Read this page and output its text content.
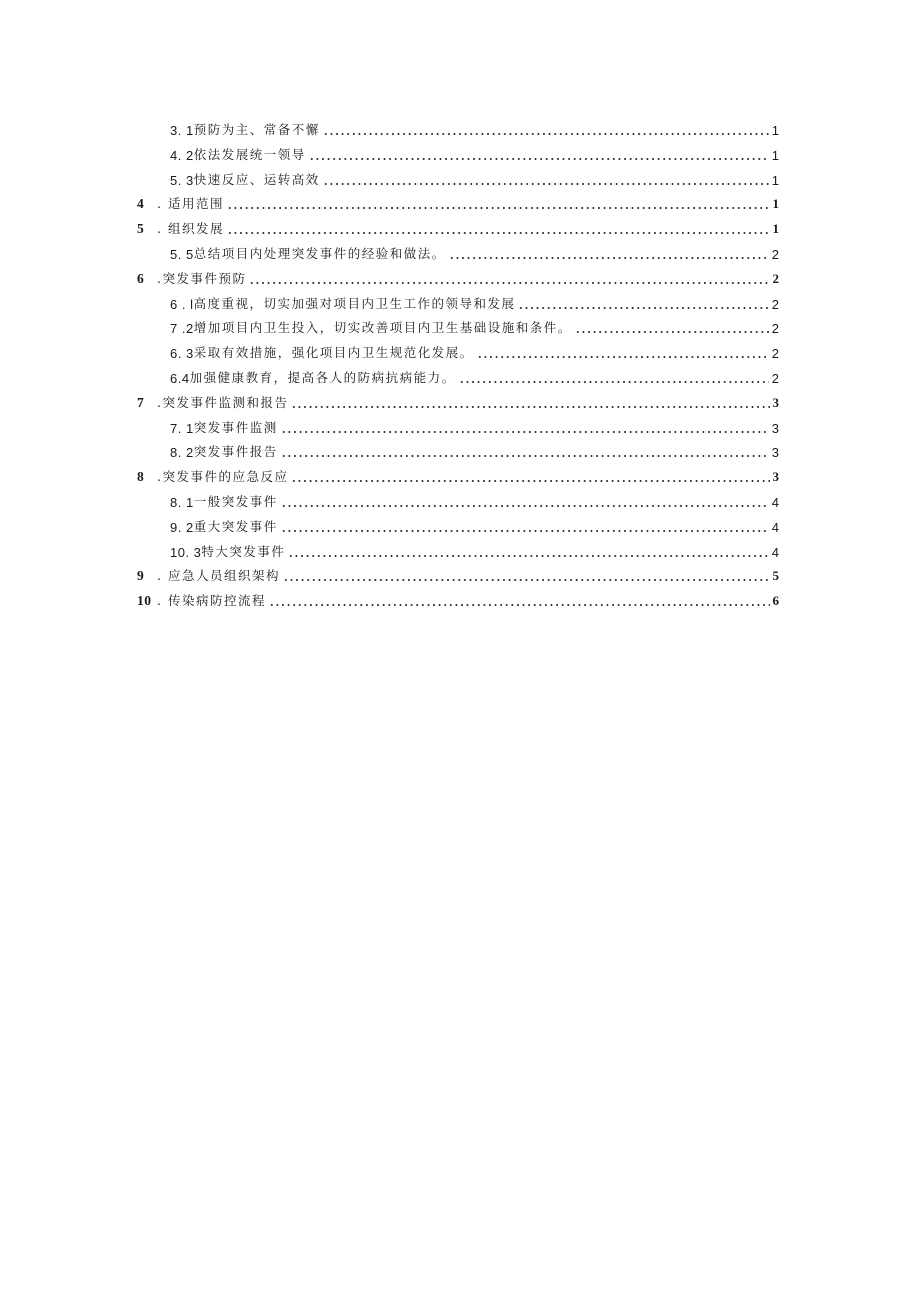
3. 1 预防为主、常备不懈	1
4. 2 依法发展统一领导	1
5. 3 快速反应、运转高效	1
4	. 适用范围	1
5	. 组织发展	1
5. 5 总结项目内处理突发事件的经验和做法。	2
6	.突发事件预防	2
6 . l 高度重视，切实加强对项目内卫生工作的领导和发展	2
7 .2 增加项目内卫生投入，切实改善项目内卫生基础设施和条件。	2
6. 3 采取有效措施，强化项目内卫生规范化发展。	2
6.4 加强健康教育，提高各人的防病抗病能力。	2
7	.突发事件监测和报告	3
7. 1 突发事件监测	3
8. 2 突发事件报告	3
8	.突发事件的应急反应	3
8. 1 一般突发事件	4
9. 2 重大突发事件	4
10. 3 特大突发事件	4
9	. 应急人员组织架构	5
10 . 传染病防控流程	6
